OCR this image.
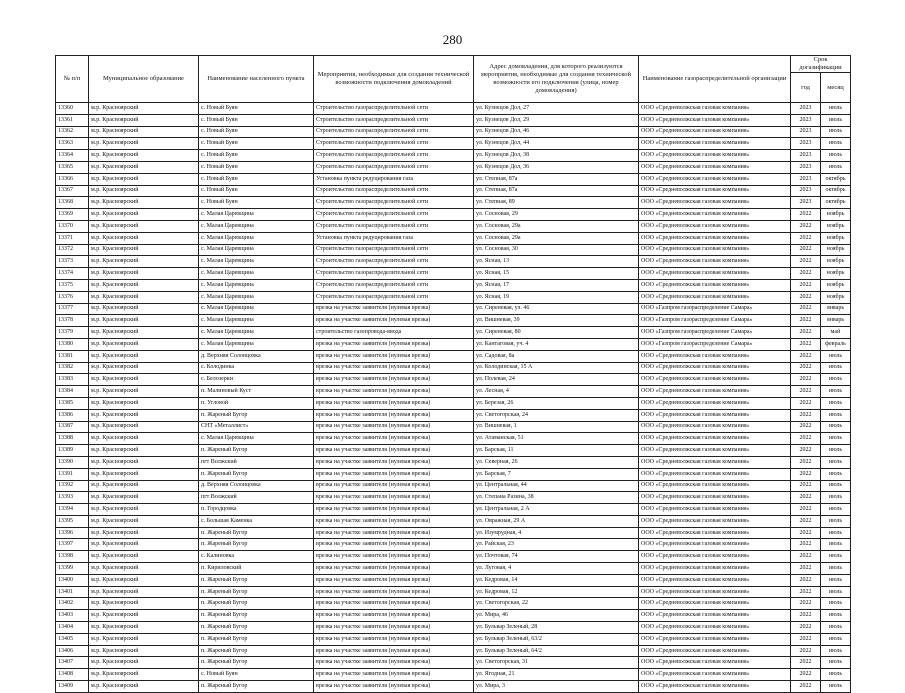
280
№ п/п	Муниципальное образование	Наименование населенного пункта	Мероприятия, необходимые для создания технической возможности подключения домовладений	Адрес домовладения, для которого реализуются мероприятия, необходимые для создания технической возможности его подключения (улица, номер домовладения)	Наименование газораспределительной организации	Срок догазификации	
						год	месяц
13360	м.р. Красноярский	с. Новый Буян	Строительство газораспределительной сети	ул. Кузнецов Дол, 27	ООО «Средневолжская газовая компания»	2023	июль
13361	м.р. Красноярский	с. Новый Буян	Строительство газораспределительной сети	ул. Кузнецов Дол, 29	ООО «Средневолжская газовая компания»	2023	июль
13362	м.р. Красноярский	с. Новый Буян	Строительство газораспределительной сети	ул. Кузнецов Дол, 46	ООО «Средневолжская газовая компания»	2023	июль
13363	м.р. Красноярский	с. Новый Буян	Строительство газораспределительной сети	ул. Кузнецов Дол, 44	ООО «Средневолжская газовая компания»	2023	июль
13364	м.р. Красноярский	с. Новый Буян	Строительство газораспределительной сети	ул. Кузнецов Дол, 38	ООО «Средневолжская газовая компания»	2023	июль
13365	м.р. Красноярский	с. Новый Буян	Строительство газораспределительной сети	ул. Кузнецов Дол, 36	ООО «Средневолжская газовая компания»	2023	июль
13366	м.р. Красноярский	с. Новый Буян	Установка пункта редуцирования газа	ул. Степная, 87а	ООО «Средневолжская газовая компания»	2023	октябрь
13367	м.р. Красноярский	с. Новый Буян	Строительство газораспределительной сети	ул. Степная, 87а	ООО «Средневолжская газовая компания»	2023	октябрь
13368	м.р. Красноярский	с. Новый Буян	Строительство газораспределительной сети	ул. Степная, 89	ООО «Средневолжская газовая компания»	2023	октябрь
13369	м.р. Красноярский	с. Малая Царевщина	Строительство газораспределительной сети	ул. Сосновая, 29	ООО «Средневолжская газовая компания»	2022	ноябрь
13370	м.р. Красноярский	с. Малая Царевщина	Строительство газораспределительной сети	ул. Сосновая, 29а	ООО «Средневолжская газовая компания»	2022	ноябрь
13371	м.р. Красноярский	с. Малая Царевщина	Установка пункта редуцирования газа	ул. Сосновая, 29а	ООО «Средневолжская газовая компания»	2022	ноябрь
13372	м.р. Красноярский	с. Малая Царевщина	Строительство газораспределительной сети	ул. Сосновая, 30	ООО «Средневолжская газовая компания»	2022	ноябрь
13373	м.р. Красноярский	с. Малая Царевщина	Строительство газораспределительной сети	ул. Ясная, 13	ООО «Средневолжская газовая компания»	2022	ноябрь
13374	м.р. Красноярский	с. Малая Царевщина	Строительство газораспределительной сети	ул. Ясная, 15	ООО «Средневолжская газовая компания»	2022	ноябрь
13375	м.р. Красноярский	с. Малая Царевщина	Строительство газораспределительной сети	ул. Ясная, 17	ООО «Средневолжская газовая компания»	2022	ноябрь
13376	м.р. Красноярский	с. Малая Царевщина	Строительство газораспределительной сети	ул. Ясная, 19	ООО «Средневолжская газовая компания»	2022	ноябрь
13377	м.р. Красноярский	с. Малая Царевщина	врезка на участке заявителя (нулевая врезка)	ул. Сиреневая, ул. 46	ООО «Газпром газораспределение Самара»	2022	январь
13378	м.р. Красноярский	с. Малая Царевщина	врезка на участке заявителя (нулевая врезка)	ул. Вишневая, 39	ООО «Газпром газораспределение Самара»	2022	январь
13379	м.р. Красноярский	с. Малая Царевщина	строительство газопровода-ввода	ул. Сиреневая, 80	ООО «Газпром газораспределение Самара»	2022	май
13380	м.р. Красноярский	с. Малая Царевщина	врезка на участке заявителя (нулевая врезка)	ул. Кантаговая, уч. 4	ООО «Газпром газораспределение Самара»	2022	февраль
13381	м.р. Красноярский	д. Верхняя Солонцовка	врезка на участке заявителя (нулевая врезка)	ул. Садовая, 8а	ООО «Средневолжская газовая компания»	2022	июль
13382	м.р. Красноярский	с. Колодинка	врезка на участке заявителя (нулевая врезка)	ул. Колодинская, 15 А	ООО «Средневолжская газовая компания»	2022	июль
13383	м.р. Красноярский	с. Белозерки	врезка на участке заявителя (нулевая врезка)	ул. Полевая, 24	ООО «Средневолжская газовая компания»	2022	июль
13384	м.р. Красноярский	п. Малиновый Куст	врезка на участке заявителя (нулевая врезка)	ул. Лесная, 4	ООО «Средневолжская газовая компания»	2022	июль
13385	м.р. Красноярский	п. Угловой	врезка на участке заявителя (нулевая врезка)	ул. Березая, 26	ООО «Средневолжская газовая компания»	2022	июль
13386	м.р. Красноярский	п. Жареный Бугор	врезка на участке заявителя (нулевая врезка)	ул. Светогорская, 24	ООО «Средневолжская газовая компания»	2022	июль
13387	м.р. Красноярский	СНТ «Металлист»	врезка на участке заявителя (нулевая врезка)	ул. Вишневая, 1	ООО «Средневолжская газовая компания»	2022	июль
13388	м.р. Красноярский	с. Малая Царевщина	врезка на участке заявителя (нулевая врезка)	ул. Атаманская, 51	ООО «Средневолжская газовая компания»	2022	июль
13389	м.р. Красноярский	п. Жареный Бугор	врезка на участке заявителя (нулевая врезка)	ул. Барская, 11	ООО «Средневолжская газовая компания»	2022	июль
13390	м.р. Красноярский	пгт Волжский	врезка на участке заявителя (нулевая врезка)	ул. Северная, 26	ООО «Средневолжская газовая компания»	2022	июль
13391	м.р. Красноярский	п. Жареный Бугор	врезка на участке заявителя (нулевая врезка)	ул. Барская, 7	ООО «Средневолжская газовая компания»	2022	июль
13392	м.р. Красноярский	д. Верхняя Солонцовка	врезка на участке заявителя (нулевая врезка)	ул. Центральная, 44	ООО «Средневолжская газовая компания»	2022	июль
13393	м.р. Красноярский	пгт Волжский	врезка на участке заявителя (нулевая врезка)	ул. Степана Разина, 38	ООО «Средневолжская газовая компания»	2022	июль
13394	м.р. Красноярский	п. Городцовка	врезка на участке заявителя (нулевая врезка)	ул. Центральная, 2 А	ООО «Средневолжская газовая компания»	2022	июль
13395	м.р. Красноярский	с. Большая Каменка	врезка на участке заявителя (нулевая врезка)	ул. Овражная, 29 А	ООО «Средневолжская газовая компания»	2022	июль
13396	м.р. Красноярский	п. Жареный Бугор	врезка на участке заявителя (нулевая врезка)	ул. Изумрудная, 4	ООО «Средневолжская газовая компания»	2022	июль
13397	м.р. Красноярский	п. Жареный Бугор	врезка на участке заявителя (нулевая врезка)	ул. Райская, 23	ООО «Средневолжская газовая компания»	2022	июль
13398	м.р. Красноярский	с. Калиновка	врезка на участке заявителя (нулевая врезка)	ул. Почтовая, 74	ООО «Средневолжская газовая компания»	2022	июль
13399	м.р. Красноярский	п. Кириловский	врезка на участке заявителя (нулевая врезка)	ул. Луговая, 4	ООО «Средневолжская газовая компания»	2022	июль
13400	м.р. Красноярский	п. Жареный Бугор	врезка на участке заявителя (нулевая врезка)	ул. Кедровая, 14	ООО «Средневолжская газовая компания»	2022	июль
13401	м.р. Красноярский	п. Жареный Бугор	врезка на участке заявителя (нулевая врезка)	ул. Кедровая, 12	ООО «Средневолжская газовая компания»	2022	июль
13402	м.р. Красноярский	п. Жареный Бугор	врезка на участке заявителя (нулевая врезка)	ул. Светогорская, 22	ООО «Средневолжская газовая компания»	2022	июль
13403	м.р. Красноярский	п. Жареный Бугор	врезка на участке заявителя (нулевая врезка)	ул. Мира, 46	ООО «Средневолжская газовая компания»	2022	июль
13404	м.р. Красноярский	п. Жареный Бугор	врезка на участке заявителя (нулевая врезка)	ул. Бульвар Зеленый, 28	ООО «Средневолжская газовая компания»	2022	июль
13405	м.р. Красноярский	п. Жареный Бугор	врезка на участке заявителя (нулевая врезка)	ул. Бульвар Зеленый, 63/2	ООО «Средневолжская газовая компания»	2022	июль
13406	м.р. Красноярский	п. Жареный Бугор	врезка на участке заявителя (нулевая врезка)	ул. Бульвар Зеленый, 64/2	ООО «Средневолжская газовая компания»	2022	июль
13407	м.р. Красноярский	п. Жареный Бугор	врезка на участке заявителя (нулевая врезка)	ул. Светогорская, 31	ООО «Средневолжская газовая компания»	2022	июль
13408	м.р. Красноярский	с. Новый Буян	врезка на участке заявителя (нулевая врезка)	ул. Ягодная, 21	ООО «Средневолжская газовая компания»	2022	июль
13409	м.р. Красноярский	п. Жареный Бугор	врезка на участке заявителя (нулевая врезка)	ул. Мира, 3	ООО «Средневолжская газовая компания»	2022	июль
